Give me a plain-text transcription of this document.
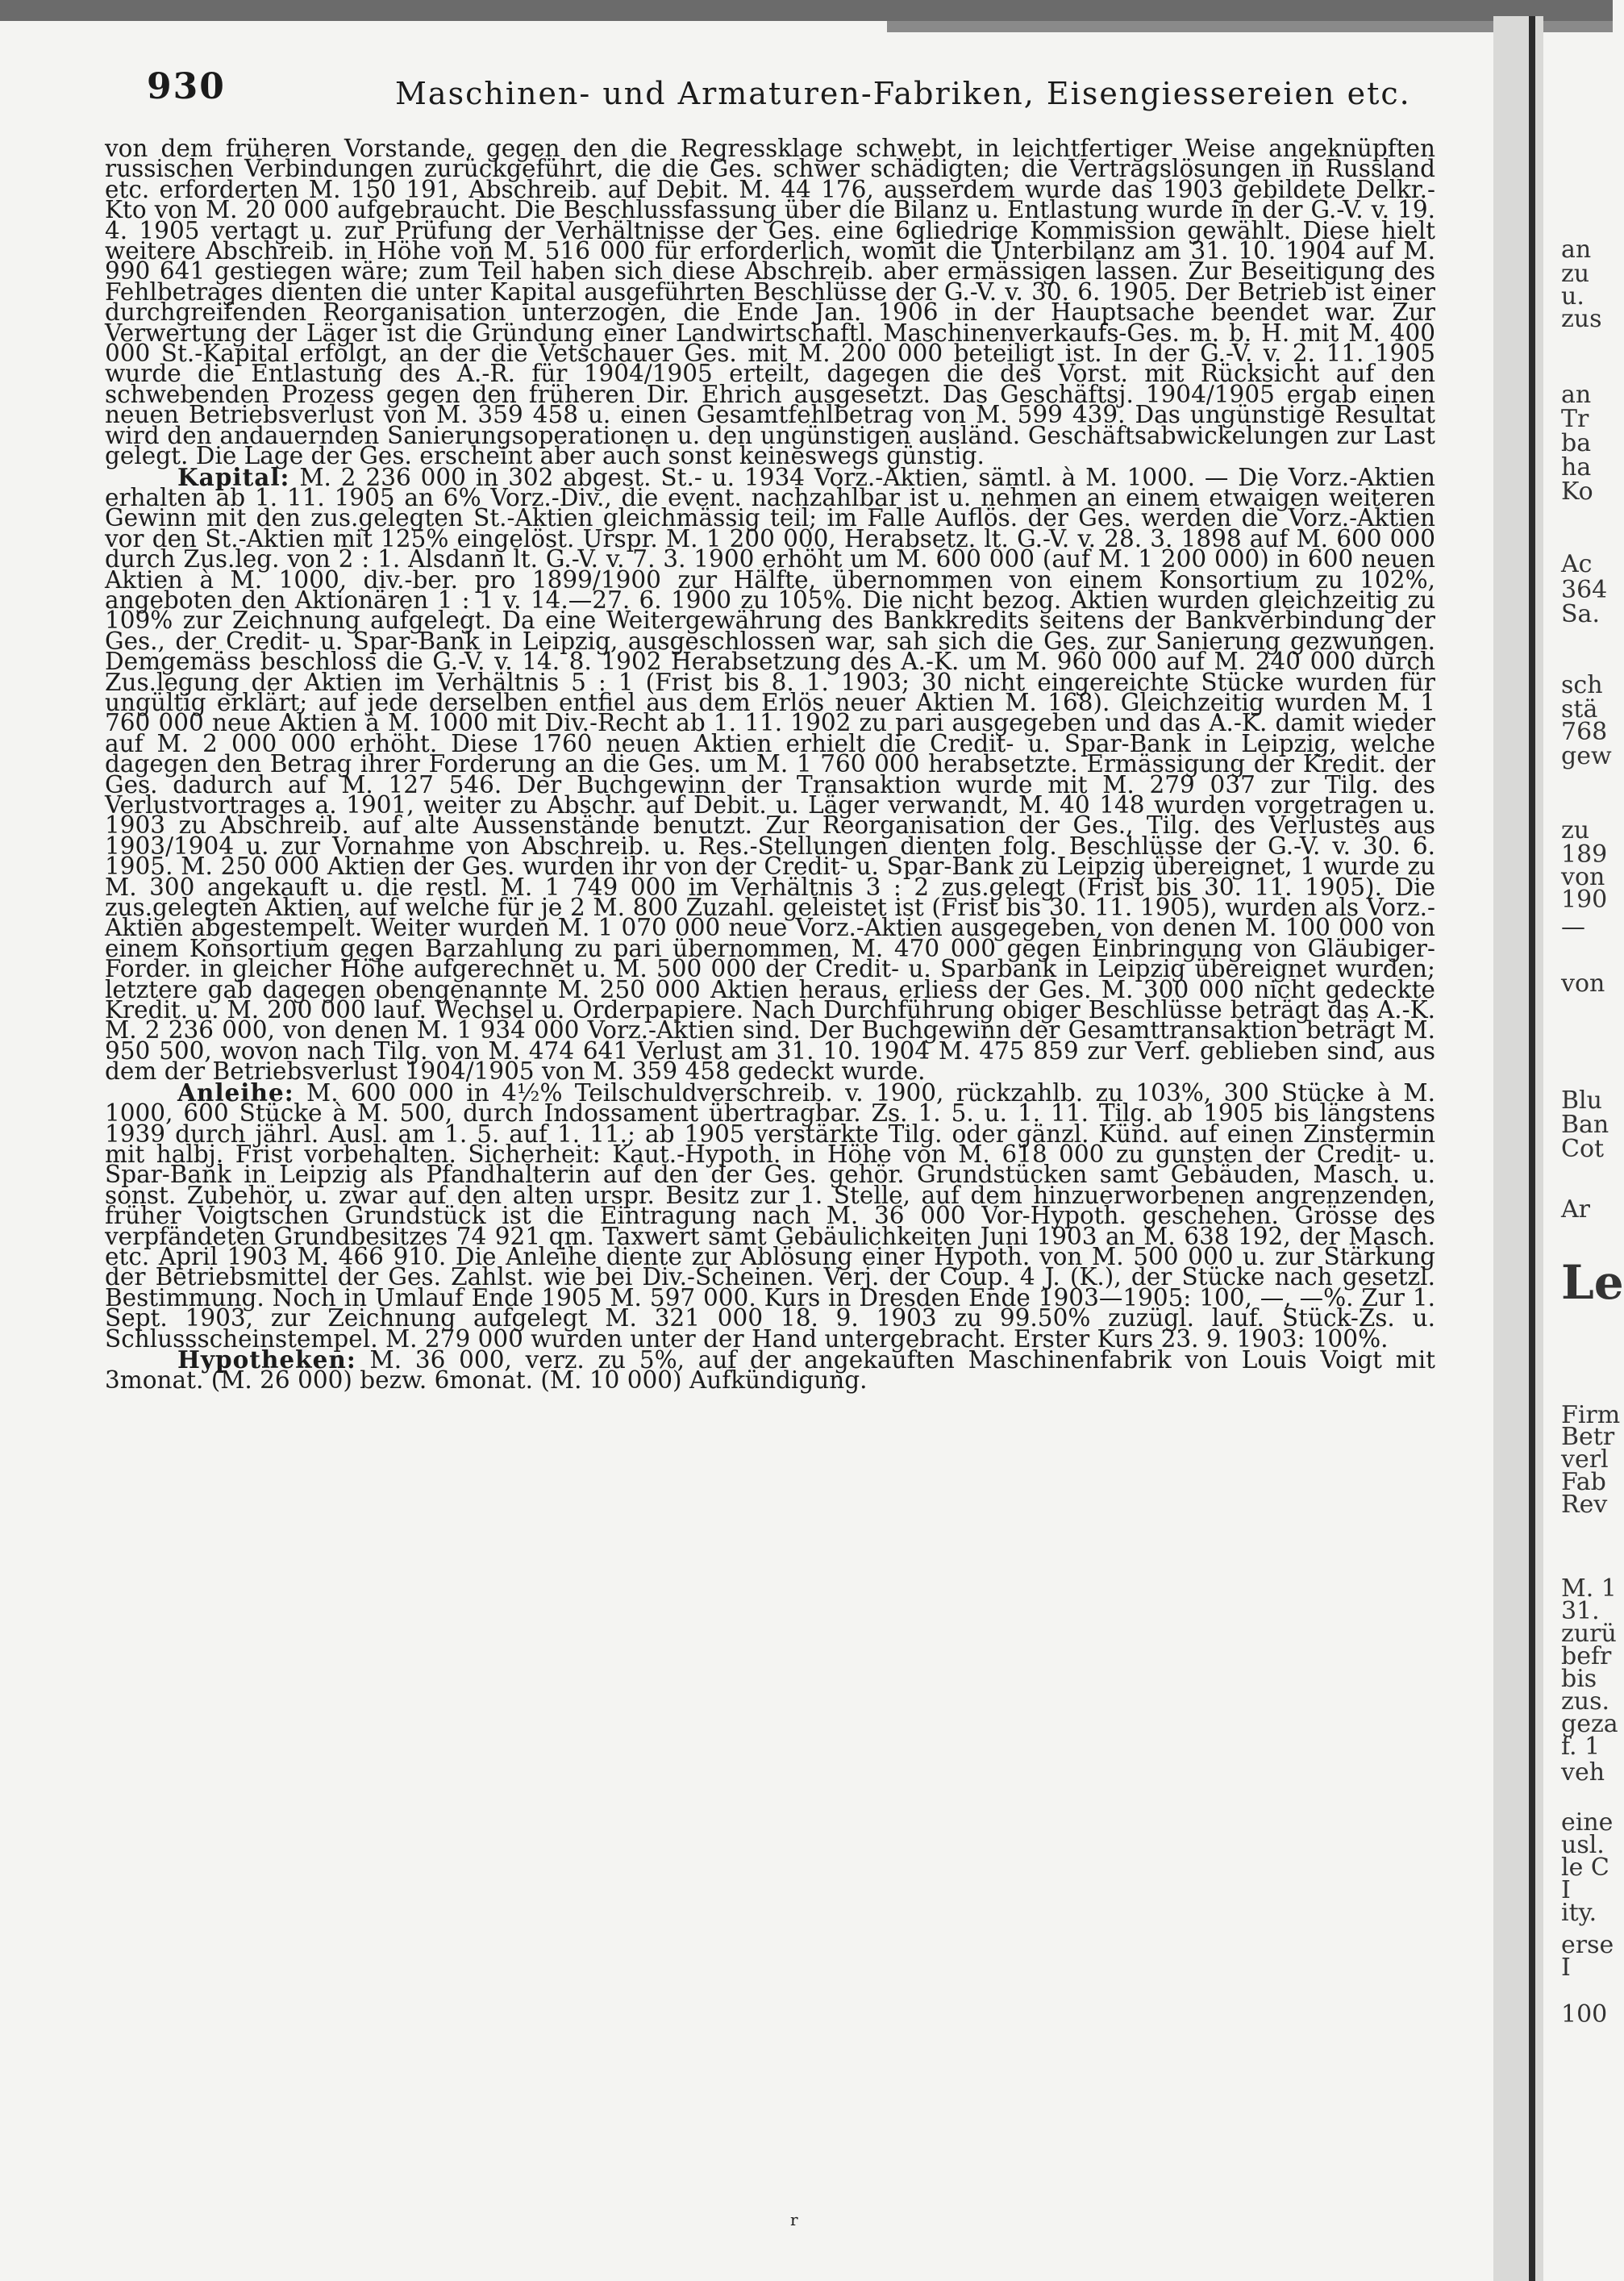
930	Maschinen- und Armaturen-Fabriken, Eisengiessereien etc.

von dem früheren Vorstande, gegen den die Regressklage schwebt, in leichtfertiger Weise angeknüpften russischen Verbindungen zurückgeführt, die die Ges. schwer schädigten; die Vertragslösungen in Russland etc. erforderten M. 150 191, Abschreib. auf Debit. M. 44 176, ausserdem wurde das 1903 gebildete Delkr.-Kto von M. 20 000 aufgebraucht. Die Beschlussfassung über die Bilanz u. Entlastung wurde in der G.-V. v. 19. 4. 1905 vertagt u. zur Prüfung der Verhältnisse der Ges. eine 6gliedrige Kommission gewählt. Diese hielt weitere Abschreib. in Höhe von M. 516 000 für erforderlich, womit die Unterbilanz am 31. 10. 1904 auf M. 990 641 gestiegen wäre; zum Teil haben sich diese Abschreib. aber ermässigen lassen. Zur Beseitigung des Fehlbetrages dienten die unter Kapital ausgeführten Beschlüsse der G.-V. v. 30. 6. 1905. Der Betrieb ist einer durchgreifenden Reorganisation unterzogen, die Ende Jan. 1906 in der Hauptsache beendet war. Zur Verwertung der Läger ist die Gründung einer Landwirtschaftl. Maschinenverkaufs-Ges. m. b. H. mit M. 400 000 St.-Kapital erfolgt, an der die Vetschauer Ges. mit M. 200 000 beteiligt ist. In der G.-V. v. 2. 11. 1905 wurde die Entlastung des A.-R. für 1904/1905 erteilt, dagegen die des Vorst. mit Rücksicht auf den schwebenden Prozess gegen den früheren Dir. Ehrich ausgesetzt. Das Geschäftsj. 1904/1905 ergab einen neuen Betriebsverlust von M. 359 458 u. einen Gesamtfehlbetrag von M. 599 439. Das ungünstige Resultat wird den andauernden Sanierungsoperationen u. den ungünstigen ausländ. Geschäftsabwickelungen zur Last gelegt. Die Lage der Ges. erscheint aber auch sonst keineswegs günstig.

Kapital: M. 2 236 000 in 302 abgest. St.- u. 1934 Vorz.-Aktien, sämtl. à M. 1000. — Die Vorz.-Aktien erhalten ab 1. 11. 1905 an 6% Vorz.-Div., die event. nachzahlbar ist u. nehmen an einem etwaigen weiteren Gewinn mit den zus.gelegten St.-Aktien gleichmässig teil; im Falle Auflös. der Ges. werden die Vorz.-Aktien vor den St.-Aktien mit 125% eingelöst. Urspr. M. 1 200 000, Herabsetz. lt. G.-V. v. 28. 3. 1898 auf M. 600 000 durch Zus.leg. von 2 : 1. Alsdann lt. G.-V. v. 7. 3. 1900 erhöht um M. 600 000 (auf M. 1 200 000) in 600 neuen Aktien à M. 1000, div.-ber. pro 1899/1900 zur Hälfte, übernommen von einem Konsortium zu 102%, angeboten den Aktionären 1 : 1 v. 14.—27. 6. 1900 zu 105%. Die nicht bezog. Aktien wurden gleichzeitig zu 109% zur Zeichnung aufgelegt. Da eine Weitergewährung des Bankkredits seitens der Bankverbindung der Ges., der Credit- u. Spar-Bank in Leipzig, ausgeschlossen war, sah sich die Ges. zur Sanierung gezwungen. Demgemäss beschloss die G.-V. v. 14. 8. 1902 Herabsetzung des A.-K. um M. 960 000 auf M. 240 000 durch Zus.legung der Aktien im Verhältnis 5 : 1 (Frist bis 8. 1. 1903; 30 nicht eingereichte Stücke wurden für ungültig erklärt; auf jede derselben entfiel aus dem Erlös neuer Aktien M. 168). Gleichzeitig wurden M. 1 760 000 neue Aktien à M. 1000 mit Div.-Recht ab 1. 11. 1902 zu pari ausgegeben und das A.-K. damit wieder auf M. 2 000 000 erhöht. Diese 1760 neuen Aktien erhielt die Credit- u. Spar-Bank in Leipzig, welche dagegen den Betrag ihrer Forderung an die Ges. um M. 1 760 000 herabsetzte. Ermässigung der Kredit. der Ges. dadurch auf M. 127 546. Der Buchgewinn der Transaktion wurde mit M. 279 037 zur Tilg. des Verlustvortrages a. 1901, weiter zu Abschr. auf Debit. u. Läger verwandt, M. 40 148 wurden vorgetragen u. 1903 zu Abschreib. auf alte Aussenstände benutzt. Zur Reorganisation der Ges., Tilg. des Verlustes aus 1903/1904 u. zur Vornahme von Abschreib. u. Res.-Stellungen dienten folg. Beschlüsse der G.-V. v. 30. 6. 1905. M. 250 000 Aktien der Ges. wurden ihr von der Credit- u. Spar-Bank zu Leipzig übereignet, 1 wurde zu M. 300 angekauft u. die restl. M. 1 749 000 im Verhältnis 3 : 2 zus.gelegt (Frist bis 30. 11. 1905). Die zus.gelegten Aktien, auf welche für je 2 M. 800 Zuzahl. geleistet ist (Frist bis 30. 11. 1905), wurden als Vorz.-Aktien abgestempelt. Weiter wurden M. 1 070 000 neue Vorz.-Aktien ausgegeben, von denen M. 100 000 von einem Konsortium gegen Barzahlung zu pari übernommen, M. 470 000 gegen Einbringung von Gläubiger-Forder. in gleicher Höhe aufgerechnet u. M. 500 000 der Credit- u. Sparbank in Leipzig übereignet wurden; letztere gab dagegen obengenannte M. 250 000 Aktien heraus, erliess der Ges. M. 300 000 nicht gedeckte Kredit. u. M. 200 000 lauf. Wechsel u. Orderpapiere. Nach Durchführung obiger Beschlüsse beträgt das A.-K. M. 2 236 000, von denen M. 1 934 000 Vorz.-Aktien sind. Der Buchgewinn der Gesamttransaktion beträgt M. 950 500, wovon nach Tilg. von M. 474 641 Verlust am 31. 10. 1904 M. 475 859 zur Verf. geblieben sind, aus dem der Betriebsverlust 1904/1905 von M. 359 458 gedeckt wurde.

Anleihe: M. 600 000 in 4½% Teilschuldverschreib. v. 1900, rückzahlb. zu 103%, 300 Stücke à M. 1000, 600 Stücke à M. 500, durch Indossament übertragbar. Zs. 1. 5. u. 1. 11. Tilg. ab 1905 bis längstens 1939 durch jährl. Ausl. am 1. 5. auf 1. 11.; ab 1905 verstärkte Tilg. oder gänzl. Künd. auf einen Zinstermin mit halbj. Frist vorbehalten. Sicherheit: Kaut.-Hypoth. in Höhe von M. 618 000 zu gunsten der Credit- u. Spar-Bank in Leipzig als Pfandhalterin auf den der Ges. gehör. Grundstücken samt Gebäuden, Masch. u. sonst. Zubehör, u. zwar auf den alten urspr. Besitz zur 1. Stelle, auf dem hinzuerworbenen angrenzenden, früher Voigtschen Grundstück ist die Eintragung nach M. 36 000 Vor-Hypoth. geschehen. Grösse des verpfändeten Grundbesitzes 74 921 qm. Taxwert samt Gebäulichkeiten Juni 1903 an M. 638 192, der Masch. etc. April 1903 M. 466 910. Die Anleihe diente zur Ablösung einer Hypoth. von M. 500 000 u. zur Stärkung der Betriebsmittel der Ges. Zahlst. wie bei Div.-Scheinen. Verj. der Coup. 4 J. (K.), der Stücke nach gesetzl. Bestimmung. Noch in Umlauf Ende 1905 M. 597 000. Kurs in Dresden Ende 1903—1905: 100, —, —%. Zur 1. Sept. 1903, zur Zeichnung aufgelegt M. 321 000 18. 9. 1903 zu 99.50% zuzügl. lauf. Stück-Zs. u. Schlussscheinstempel. M. 279 000 wurden unter der Hand untergebracht. Erster Kurs 23. 9. 1903: 100%.

Hypotheken: M. 36 000, verz. zu 5%, auf der angekauften Maschinenfabrik von Louis Voigt mit 3monat. (M. 26 000) bezw. 6monat. (M. 10 000) Aufkündigung.

r
an
zu
u.
zus
an
Tr
ba
ha
Ko
Ac
364
Sa.
sch
stä
768
gew
zu
189
von
190
—
von
Blu
Ban
Cot
Ar
Le
Firm
Betr
verl
Fab
Rev
M. 1
31.
zurü
befr
bis
zus.
geza
f. 1
veh
eine
usl.
le C
I
ity.
erse
I
100
